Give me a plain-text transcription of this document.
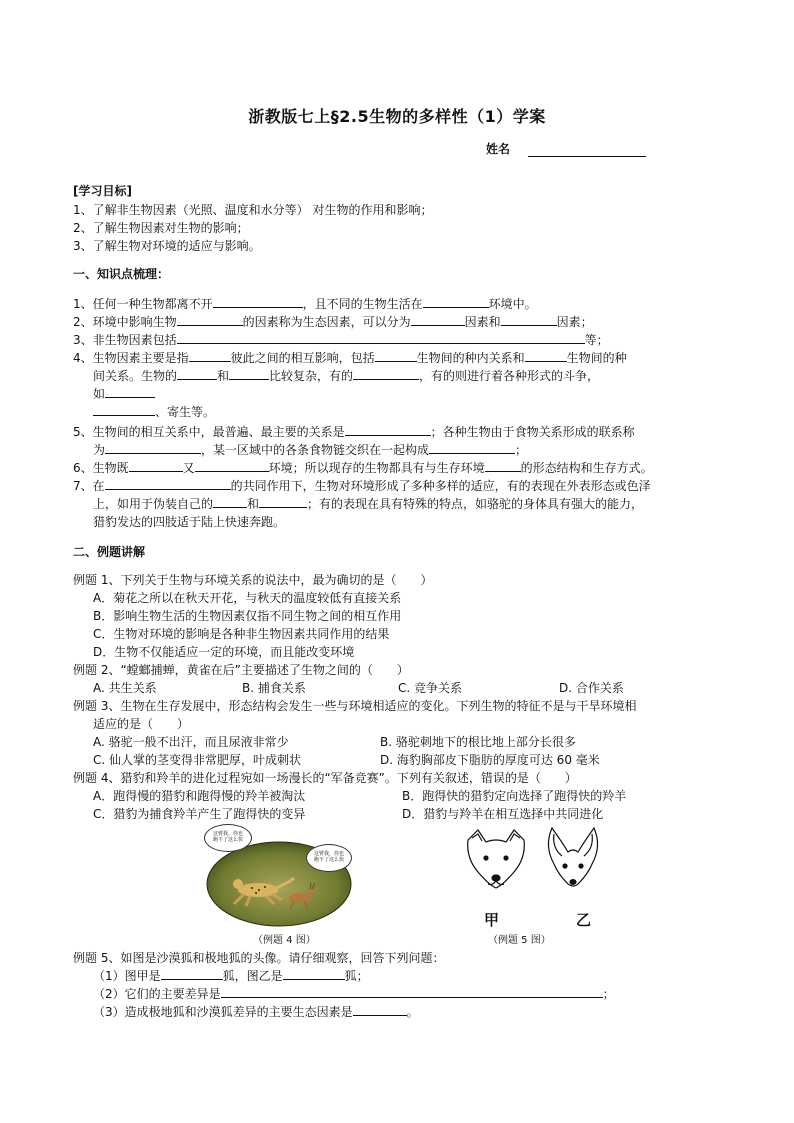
浙教版七上§2.5生物的多样性（1）学案
姓名
[学习目标]
1、了解非生物因素（光照、温度和水分等） 对生物的作用和影响；
2、了解生物因素对生物的影响；
3、了解生物对环境的适应与影响。
一、知识点梳理：
1、任何一种生物都离不开	，且不同的生物生活在	环境中。
2、环境中影响生物	的因素称为生态因素，可以分为	因素和	因素；
3、非生物因素包括	等；
4、生物因素主要是指	彼此之间的相互影响，包括	生物间的种内关系和	生物间的种
间关系。生物的	和	比较复杂，有的	，有的则进行着各种形式的斗争，
如
、寄生等。
5、生物间的相互关系中，最普遍、最主要的关系是	；各种生物由于食物关系形成的联系称
为	，某一区域中的各条食物链交织在一起构成	；
6、生物既	又	环境；所以现存的生物都具有与生存环境	的形态结构和生存方式。
7、在	的共同作用下，生物对环境形成了多种多样的适应，有的表现在外表形态或色泽
上，如用于伪装自己的	和	；有的表现在具有特殊的特点，如骆驼的身体具有强大的能力，
猎豹发达的四肢适于陆上快速奔跑。
二、例题讲解
例题 1、下列关于生物与环境关系的说法中，最为确切的是（　　）
A．菊花之所以在秋天开花，与秋天的温度较低有直接关系
B．影响生物生活的生物因素仅指不同生物之间的相互作用
C．生物对环境的影响是各种非生物因素共同作用的结果
D．生物不仅能适应一定的环境，而且能改变环境
例题 2、“螳螂捕蝉，黄雀在后”主要描述了生物之间的（　　）
A. 共生关系	B. 捕食关系	C. 竞争关系	D. 合作关系
例题 3、生物在生存发展中，形态结构会发生一些与环境相适应的变化。下列生物的特征不是与干旱环境相
适应的是（　　）
A. 骆驼一般不出汗，而且尿液非常少	B. 骆驼刺地下的根比地上部分长很多
C. 仙人掌的茎变得非常肥厚，叶成刺状	D. 海豹胸部皮下脂肪的厚度可达 60 毫米
例题 4、猎豹和羚羊的进化过程宛如一场漫长的“军备竞赛”。下列有关叙述，错误的是（　　）
A．跑得慢的猎豹和跑得慢的羚羊被淘汰	B．跑得快的猎豹定向选择了跑得快的羚羊
C．猎豹为捕食羚羊产生了跑得快的变异	D．猎豹与羚羊在相互选择中共同进化
这臂我，你也
跑不了这么快
这臂我，你也
跑不了这么快
（例题 4 图）
甲	乙
（例题 5 图）
例题 5、如图是沙漠狐和极地狐的头像。请仔细观察，回答下列问题：
（1）图甲是	狐，图乙是	狐；
（2）它们的主要差异是	；
（3）造成极地狐和沙漠狐差异的主要生态因素是	。
